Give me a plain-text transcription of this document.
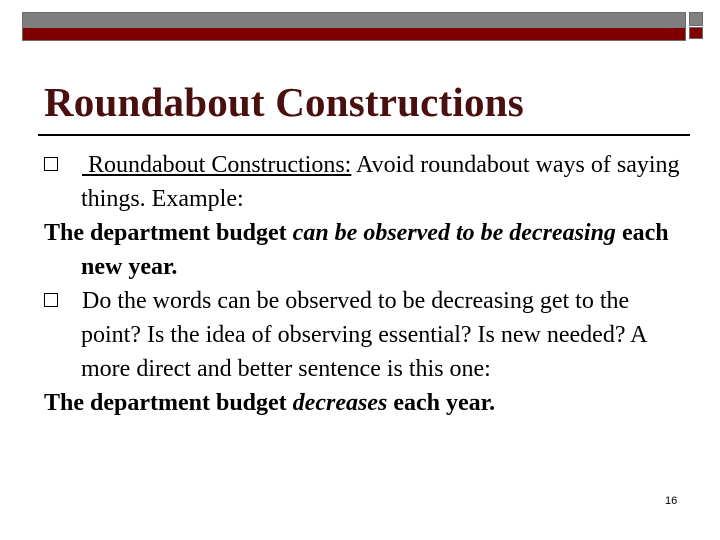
Roundabout Constructions
Roundabout Constructions: Avoid roundabout ways of saying things. Example:
The department budget can be observed to be decreasing each new year.
Do the words can be observed to be decreasing get to the point? Is the idea of observing essential? Is new needed? A more direct and better sentence is this one:
The department budget decreases each year.
16
